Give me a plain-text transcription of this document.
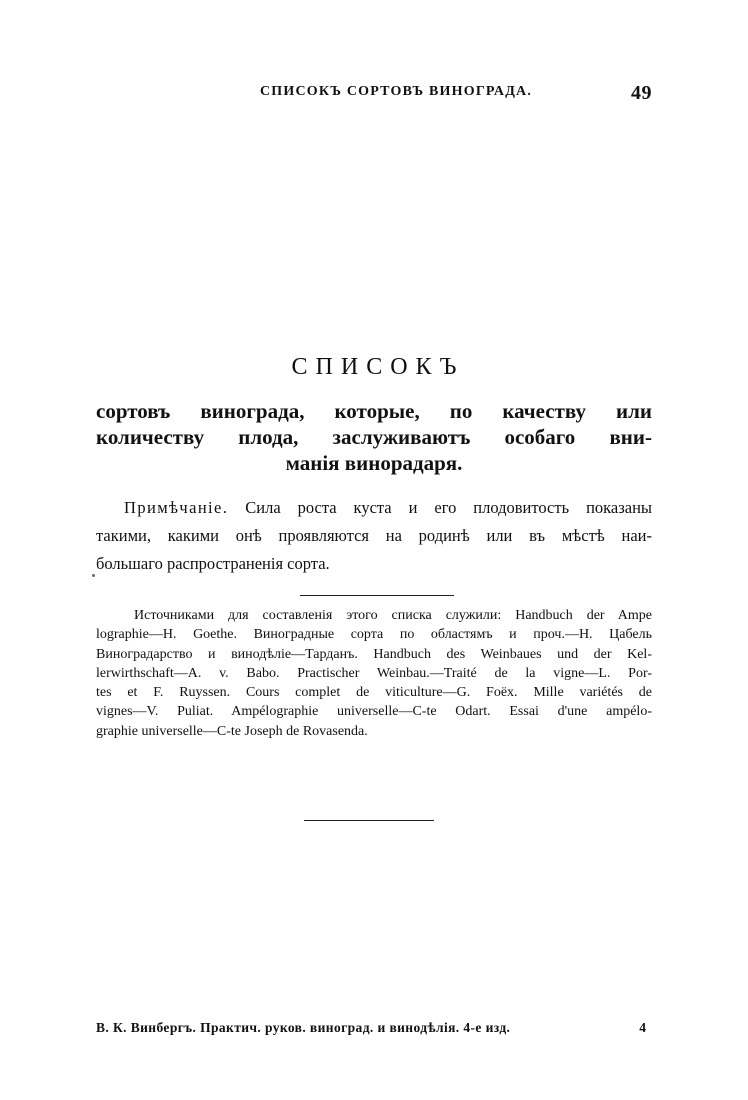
СПИСОКЪ СОРТОВЪ ВИНОГРАДА.	49
СПИСОКЪ
сортовъ винограда, которые, по качеству или
количеству плода, заслуживаютъ особаго вни-
манія винорадаря.
Примѣчаніе. Сила роста куста и его плодовитость показаны
такими, какими онѣ проявляются на родинѣ или въ мѣстѣ наи-
большаго распространенія сорта.
Источниками для составленія этого списка служили: Handbuch der Ampe
lographie—H. Goethe. Виноградные сорта по областямъ и проч.—Н. Цабель
Виноградарство и винодѣліе—Тарданъ. Handbuch des Weinbaues und der Kel-
lerwirthschaft—A. v. Babo. Practischer Weinbau.—Traité de la vigne—L. Por-
tes et F. Ruyssen. Cours complet de viticulture—G. Foëx. Mille variétés de
vignes—V. Puliat. Ampélographie universelle—C-te Odart. Essai d'une ampélo-
graphie universelle—C-te Joseph de Rovasenda.
В. К. Винбергъ. Практич. руков. виноград. и винодѣлія. 4-е изд.	4
